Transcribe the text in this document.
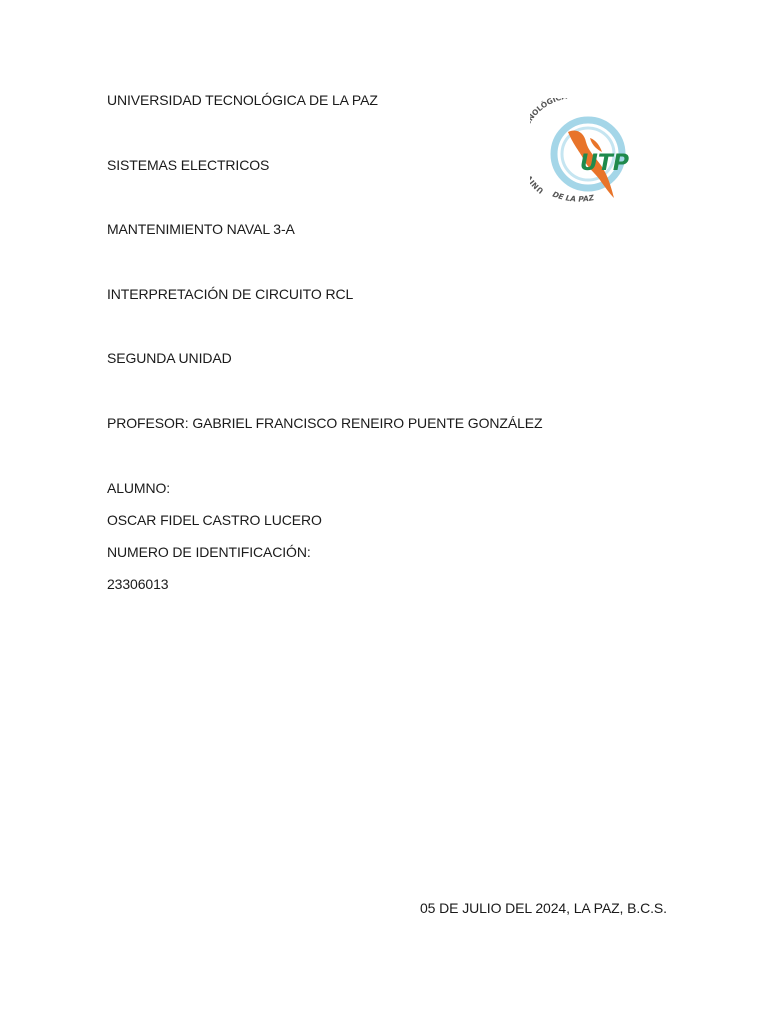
UNIVERSIDAD TECNOLÓGICA DE LA PAZ
SISTEMAS ELECTRICOS
MANTENIMIENTO NAVAL 3-A
INTERPRETACIÓN DE CIRCUITO RCL
SEGUNDA UNIDAD
PROFESOR: GABRIEL FRANCISCO RENEIRO PUENTE GONZÁLEZ
ALUMNO:
OSCAR FIDEL CASTRO LUCERO
NUMERO DE IDENTIFICACIÓN:
23306013
UTP
UN OLÓGIC
DE LA PAZ
05 DE JULIO DEL 2024, LA PAZ, B.C.S.
